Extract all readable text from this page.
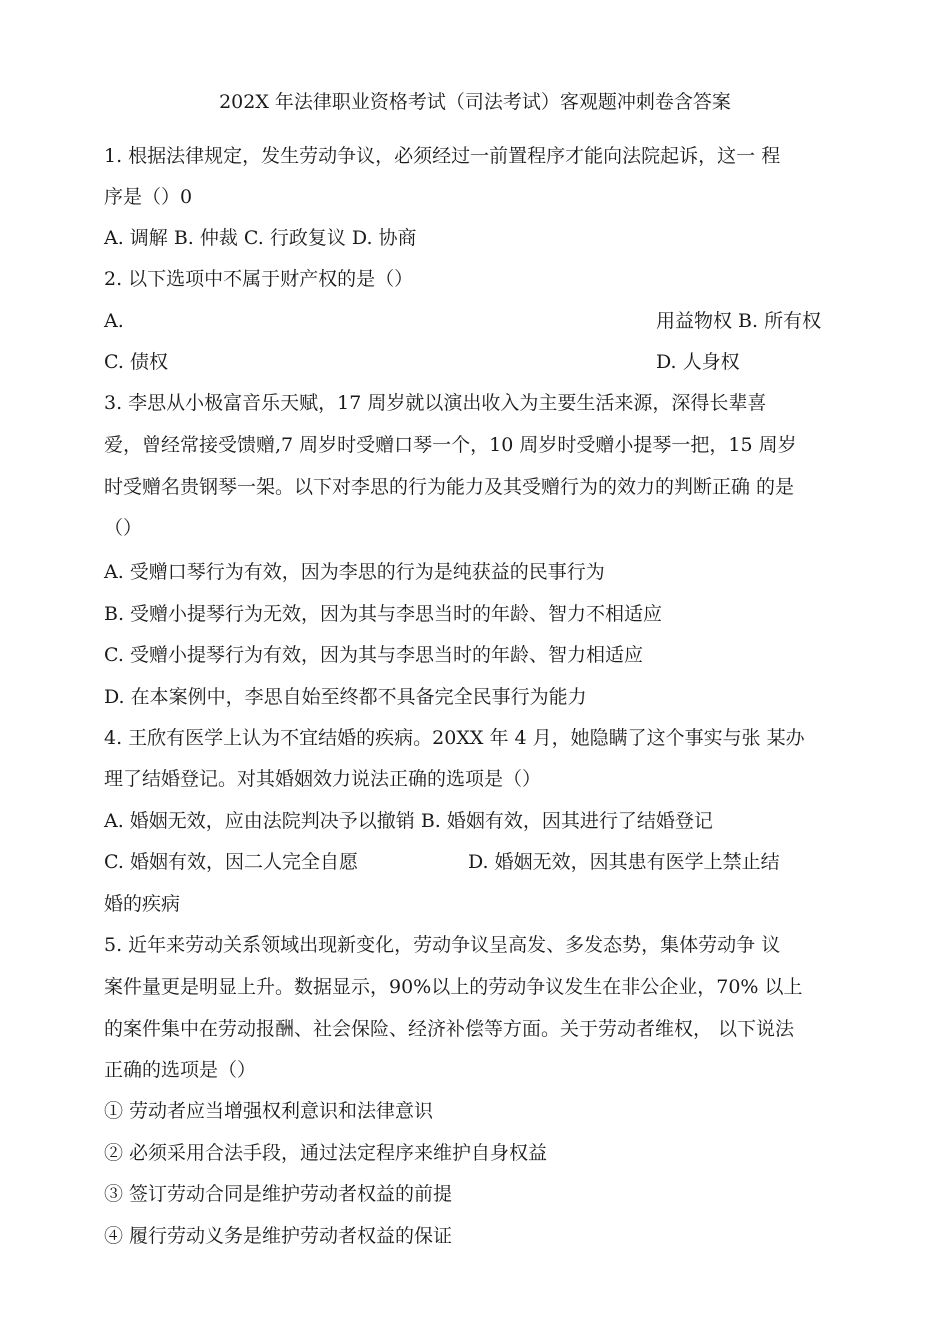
202X 年法律职业资格考试（司法考试）客观题冲刺卷含答案
1. 根据法律规定，发生劳动争议，必须经过一前置程序才能向法院起诉，这一 程
序是（）0
A. 调解 B. 仲裁 C. 行政复议 D. 协商
2. 以下选项中不属于财产权的是（）
A.	用益物权 B. 所有权
C. 债权	D. 人身权
3. 李思从小极富音乐天赋，17 周岁就以演出收入为主要生活来源，深得长辈喜
爱，曾经常接受馈赠,7 周岁时受赠口琴一个，10 周岁时受赠小提琴一把，15 周岁
时受赠名贵钢琴一架。以下对李思的行为能力及其受赠行为的效力的判断正确 的是
（）
A. 受赠口琴行为有效，因为李思的行为是纯获益的民事行为
B. 受赠小提琴行为无效，因为其与李思当时的年龄、智力不相适应
C. 受赠小提琴行为有效，因为其与李思当时的年龄、智力相适应
D. 在本案例中，李思自始至终都不具备完全民事行为能力
4. 王欣有医学上认为不宜结婚的疾病。20XX 年 4 月，她隐瞒了这个事实与张 某办
理了结婚登记。对其婚姻效力说法正确的选项是（）
A. 婚姻无效，应由法院判决予以撤销 B. 婚姻有效，因其进行了结婚登记
C. 婚姻有效，因二人完全自愿	D. 婚姻无效，因其患有医学上禁止结
婚的疾病
5. 近年来劳动关系领域出现新变化，劳动争议呈高发、多发态势，集体劳动争 议
案件量更是明显上升。数据显示，90%以上的劳动争议发生在非公企业，70% 以上
的案件集中在劳动报酬、社会保险、经济补偿等方面。关于劳动者维权， 以下说法
正确的选项是（）
① 劳动者应当增强权利意识和法律意识
② 必须采用合法手段，通过法定程序来维护自身权益
③ 签订劳动合同是维护劳动者权益的前提
④ 履行劳动义务是维护劳动者权益的保证
